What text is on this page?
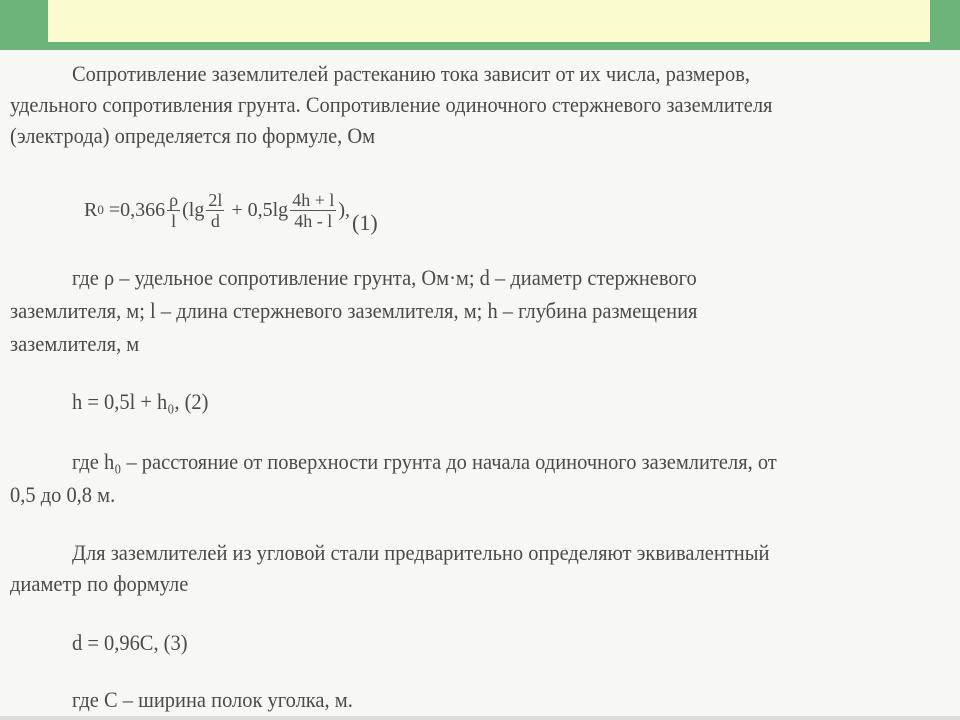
Сопротивление заземлителей растеканию тока зависит от их числа, размеров,
удельного сопротивления грунта. Сопротивление одиночного стержневого заземлителя
(электрода) определяется по формуле, Ом
R $0 =0,366 \frac{\rho}{l} (\lg \frac{2l}{d} + 0,5\lg \frac{4h + l}{4h - l}$ ),
(1)
где ρ – удельное сопротивление грунта, Ом·м; d – диаметр стержневого
заземлителя, м; l – длина стержневого заземлителя, м; h – глубина размещения
заземлителя, м
h = 0,5l + h₀, (2)
где h₀ – расстояние от поверхности грунта до начала одиночного заземлителя, от
0,5 до 0,8 м.
Для заземлителей из угловой стали предварительно определяют эквивалентный
диаметр по формуле
d = 0,96С, (3)
где С – ширина полок уголка, м.
